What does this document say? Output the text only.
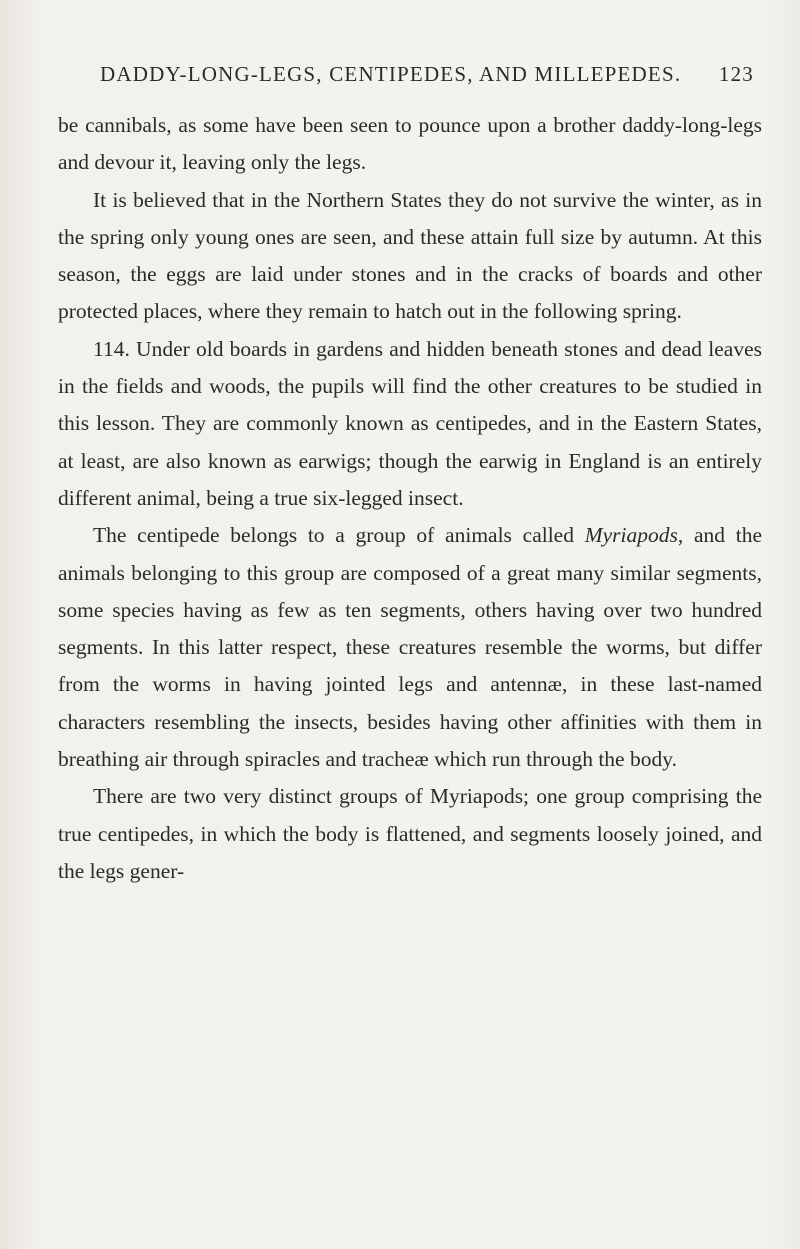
DADDY-LONG-LEGS, CENTIPEDES, AND MILLEPEDES. 123

be cannibals, as some have been seen to pounce upon a brother daddy-long-legs and devour it, leaving only the legs.

It is believed that in the Northern States they do not survive the winter, as in the spring only young ones are seen, and these attain full size by autumn. At this season, the eggs are laid under stones and in the cracks of boards and other protected places, where they remain to hatch out in the following spring.

114. Under old boards in gardens and hidden beneath stones and dead leaves in the fields and woods, the pupils will find the other creatures to be studied in this lesson. They are commonly known as centipedes, and in the Eastern States, at least, are also known as earwigs; though the earwig in England is an entirely different animal, being a true six-legged insect.

The centipede belongs to a group of animals called Myriapods, and the animals belonging to this group are composed of a great many similar segments, some species having as few as ten segments, others having over two hundred segments. In this latter respect, these creatures resemble the worms, but differ from the worms in having jointed legs and antennæ, in these last-named characters resembling the insects, besides having other affinities with them in breathing air through spiracles and tracheæ which run through the body.

There are two very distinct groups of Myriapods; one group comprising the true centipedes, in which the body is flattened, and segments loosely joined, and the legs gener-
